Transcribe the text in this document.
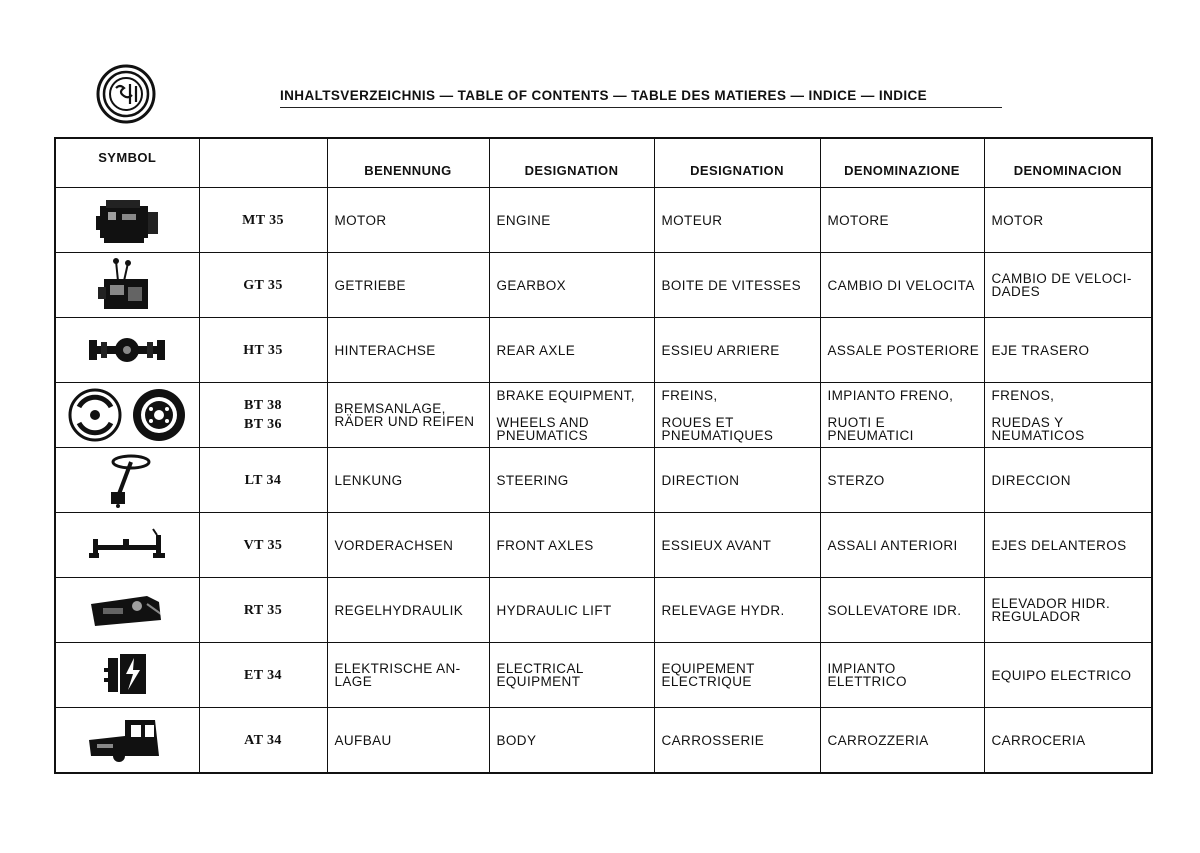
INHALTSVERZEICHNIS — TABLE OF CONTENTS — TABLE DES MATIERES — INDICE — INDICE
SYMBOL		BENENNUNG	DESIGNATION	DESIGNATION	DENOMINAZIONE	DENOMINACION

MT 35	MOTOR	ENGINE	MOTEUR	MOTORE	MOTOR

GT 35	GETRIEBE	GEARBOX	BOITE DE VITESSES	CAMBIO DI VELOCITA	CAMBIO DE VELOCI-
DADES

HT 35	HINTERACHSE	REAR AXLE	ESSIEU ARRIERE	ASSALE POSTERIORE	EJE TRASERO

BT 38
BT 36	BREMSANLAGE,
RÄDER UND REIFEN	BRAKE EQUIPMENT,
WHEELS AND
PNEUMATICS	FREINS,
ROUES ET
PNEUMATIQUES	IMPIANTO FRENO,
RUOTI E
PNEUMATICI	FRENOS,
RUEDAS Y
NEUMATICOS

LT 34	LENKUNG	STEERING	DIRECTION	STERZO	DIRECCION

VT 35	VORDERACHSEN	FRONT AXLES	ESSIEUX AVANT	ASSALI ANTERIORI	EJES DELANTEROS

RT 35	REGELHYDRAULIK	HYDRAULIC LIFT	RELEVAGE HYDR.	SOLLEVATORE IDR.	ELEVADOR HIDR.
REGULADOR

ET 34	ELEKTRISCHE AN-
LAGE	ELECTRICAL
EQUIPMENT	EQUIPEMENT
ELECTRIQUE	IMPIANTO
ELETTRICO	EQUIPO ELECTRICO

AT 34	AUFBAU	BODY	CARROSSERIE	CARROZZERIA	CARROCERIA
